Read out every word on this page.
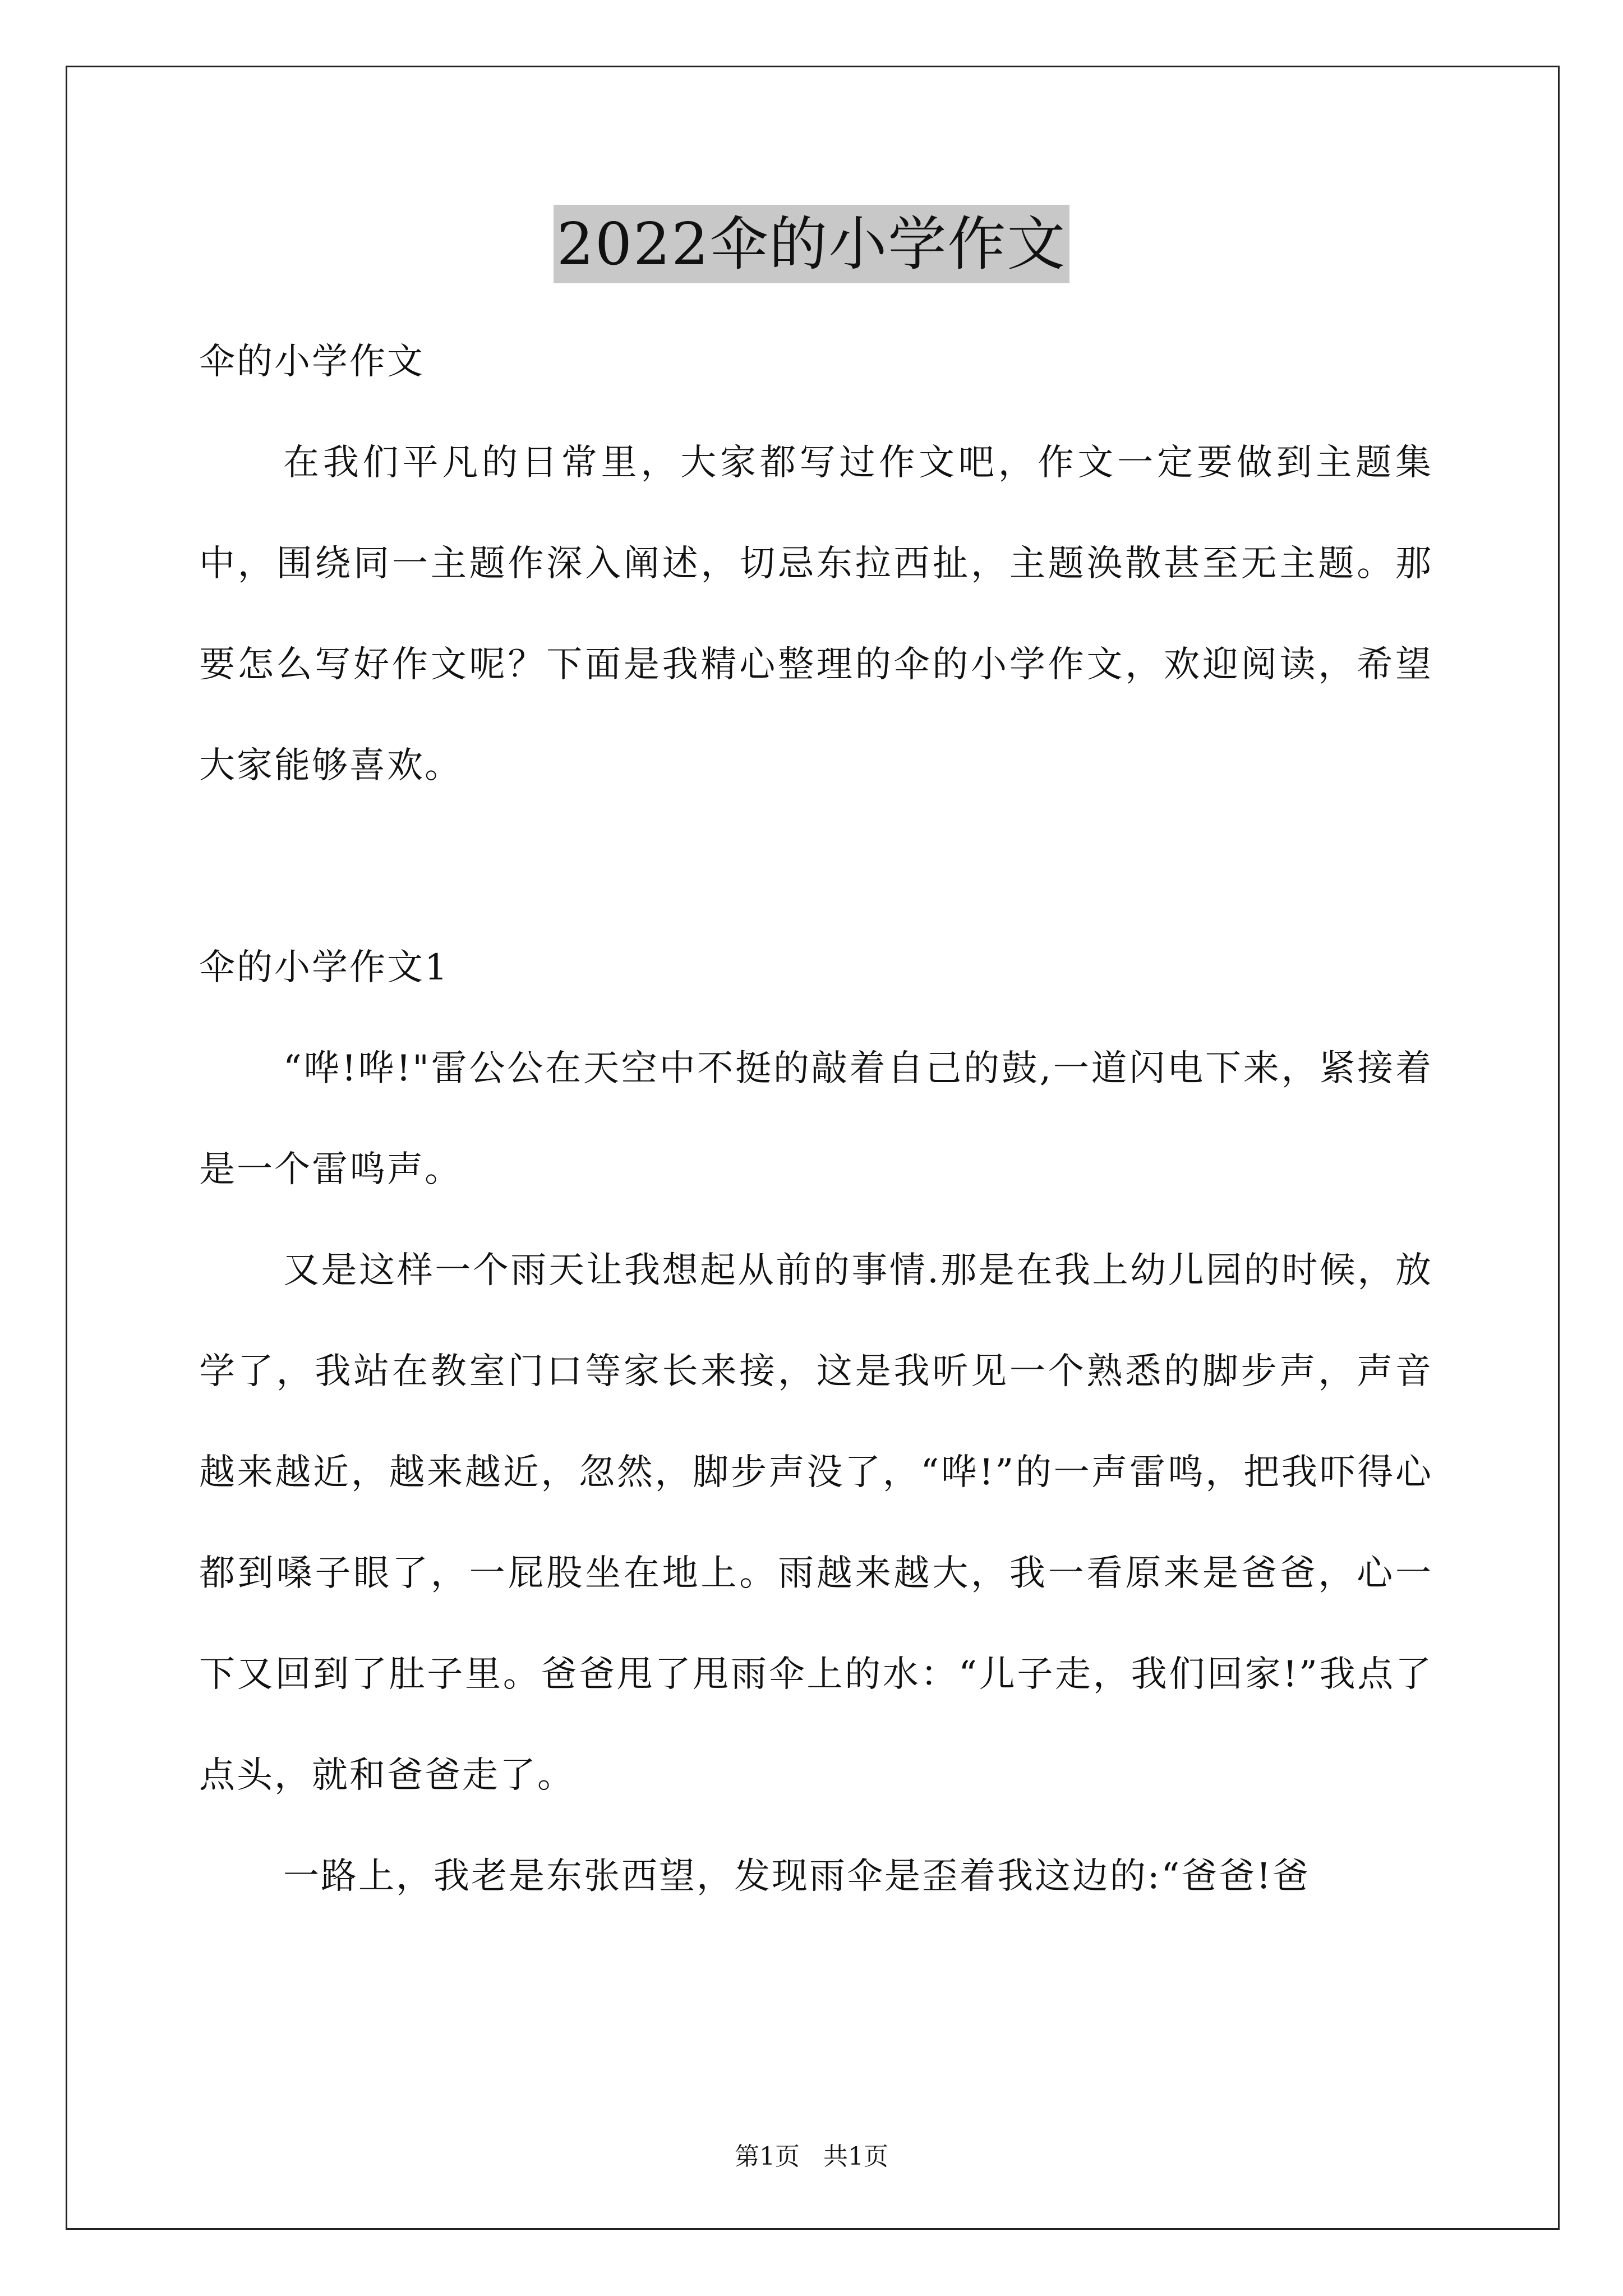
2022伞的小学作文

伞的小学作文

在我们平凡的日常里，大家都写过作文吧，作文一定要做到主题集中，围绕同一主题作深入阐述，切忌东拉西扯，主题涣散甚至无主题。那要怎么写好作文呢？下面是我精心整理的伞的小学作文，欢迎阅读，希望大家能够喜欢。

伞的小学作文1

“哗!哗!"雷公公在天空中不挺的敲着自己的鼓,一道闪电下来，紧接着是一个雷鸣声。

又是这样一个雨天让我想起从前的事情.那是在我上幼儿园的时候，放学了，我站在教室门口等家长来接，这是我听见一个熟悉的脚步声，声音越来越近，越来越近，忽然，脚步声没了，“哗!”的一声雷鸣，把我吓得心都到嗓子眼了，一屁股坐在地上。雨越来越大，我一看原来是爸爸，心一下又回到了肚子里。爸爸甩了甩雨伞上的水：“儿子走，我们回家!”我点了点头，就和爸爸走了。

一路上，我老是东张西望，发现雨伞是歪着我这边的:“爸爸!爸

第1页 共1页
